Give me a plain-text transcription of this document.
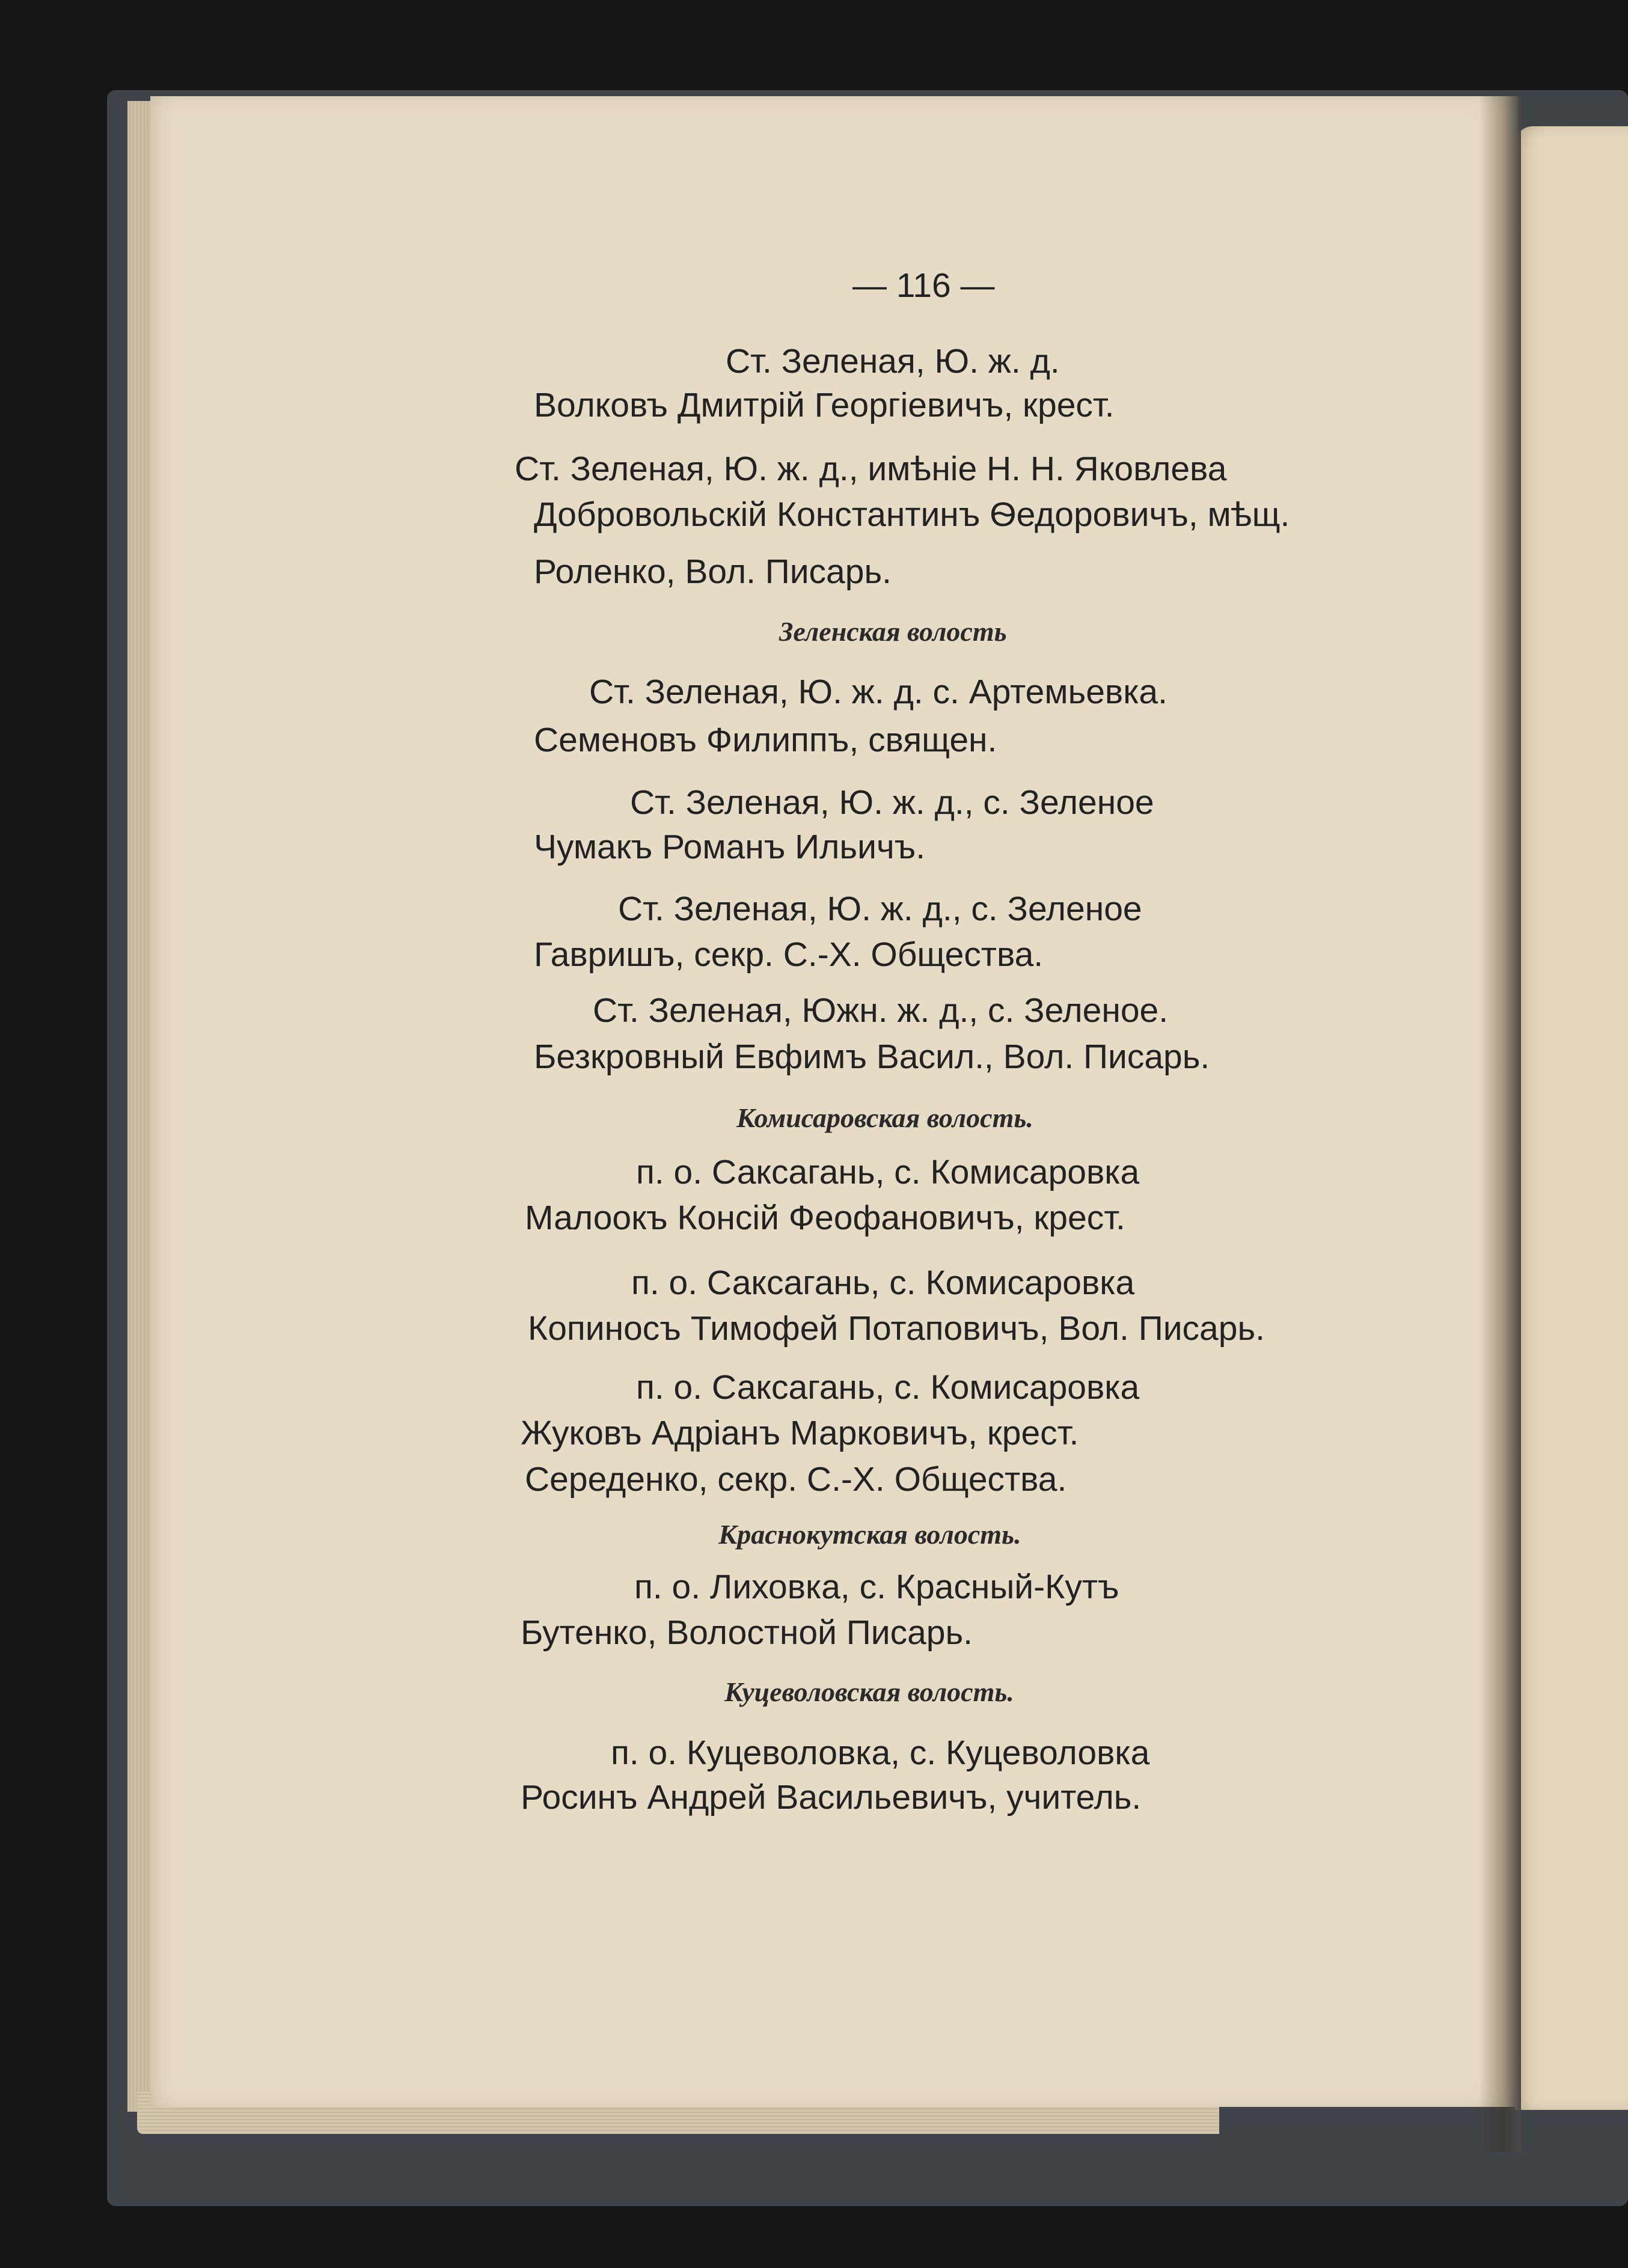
— 116 —
Ст. Зеленая, Ю. ж. д.
Волковъ Дмитрій Георгіевичъ, крест.
Ст. Зеленая, Ю. ж. д., имѣніе Н. Н. Яковлева
Добровольскій Константинъ Ѳедоровичъ, мѣщ.
Роленко, Вол. Писарь.
Зеленская волость
Ст. Зеленая, Ю. ж. д. с. Артемьевка.
Семеновъ Филиппъ, священ.
Ст. Зеленая, Ю. ж. д., с. Зеленое
Чумакъ Романъ Ильичъ.
Ст. Зеленая, Ю. ж. д., с. Зеленое
Гавришъ, секр. С.-Х. Общества.
Ст. Зеленая, Южн. ж. д., с. Зеленое.
Безкровный Евфимъ Васил., Вол. Писарь.
Комисаровская волость.
п. о. Саксагань, с. Комисаровка
Малоокъ Консій Феофановичъ, крест.
п. о. Саксагань, с. Комисаровка
Копиносъ Тимофей Потаповичъ, Вол. Писарь.
п. о. Саксагань, с. Комисаровка
Жуковъ Адріанъ Марковичъ, крест.
Середенко, секр. С.-Х. Общества.
Краснокутская волость.
п. о. Лиховка, с. Красный-Кутъ
Бутенко, Волостной Писарь.
Куцеволовская волость.
п. о. Куцеволовка, с. Куцеволовка
Росинъ Андрей Васильевичъ, учитель.
